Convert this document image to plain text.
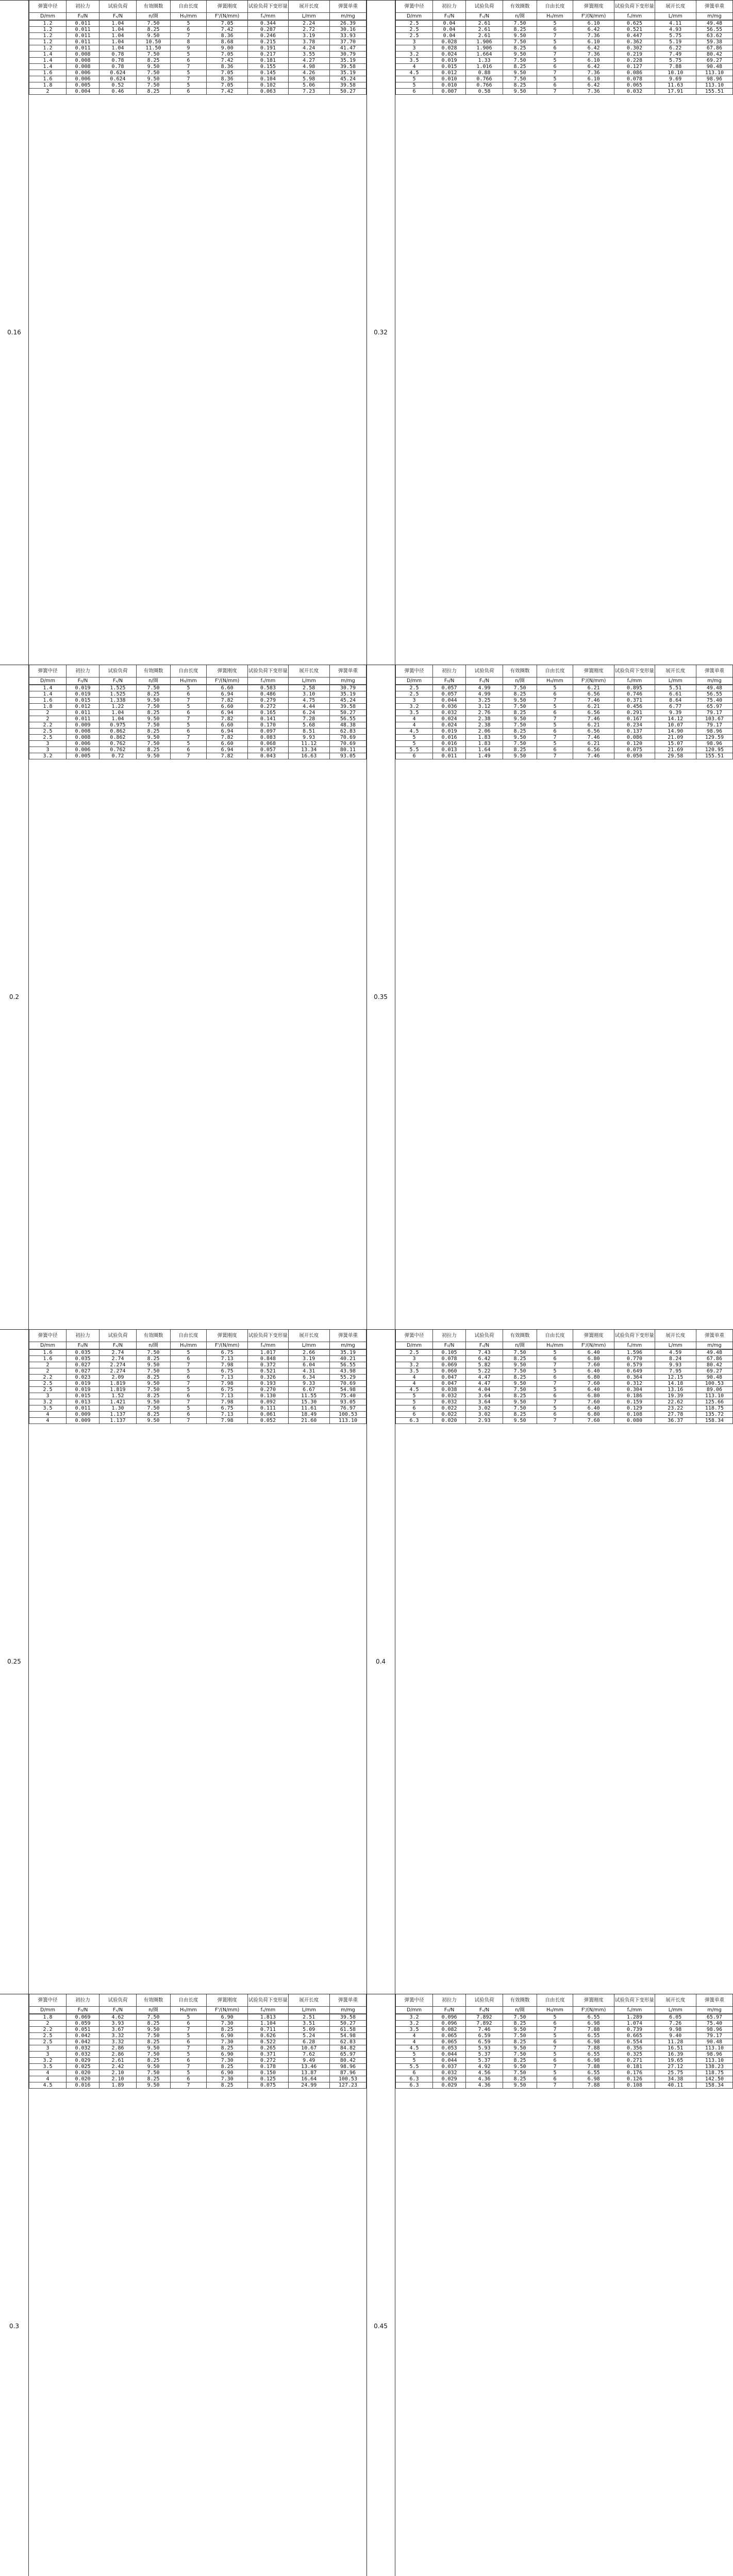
0.16
弹簧中径	初拉力	试验负荷	有效圈数	自由长度	弹簧刚度	试验负荷下变形量	展开长度	弹簧单重
D/mm	F₀/N	Fₛ/N	n/圈	H₀/mm	F'/(N/mm)	fₛ/mm	L/mm	m/mg
1.2	0.011	1.04	7.50	5	7.05	0.344	2.24	26.39
1.2	0.011	1.04	8.25	6	7.42	0.287	2.72	30.16
1.2	0.011	1.04	9.50	7	8.36	0.246	3.19	33.93
1.2	0.011	1.04	10.50	8	8.68	0.215	3.78	37.70
1.2	0.011	1.04	11.50	9	9.00	0.191	4.24	41.47
1.4	0.008	0.78	7.50	5	7.05	0.217	3.55	30.79
1.4	0.008	0.78	8.25	6	7.42	0.181	4.27	35.19
1.4	0.008	0.78	9.50	7	8.36	0.155	4.98	39.58
1.6	0.006	0.624	7.50	5	7.05	0.145	4.26	35.19
1.6	0.006	0.624	9.50	7	8.36	0.104	5.98	45.24
1.8	0.005	0.52	7.50	5	7.05	0.102	5.06	39.58
2	0.004	0.46	8.25	6	7.42	0.063	7.23	50.27
0.32
弹簧中径	初拉力	试验负荷	有效圈数	自由长度	弹簧刚度	试验负荷下变形量	展开长度	弹簧单重
D/mm	F₀/N	Fₛ/N	n/圈	H₀/mm	F'/(N/mm)	fₛ/mm	L/mm	m/mg
2.5	0.04	2.61	7.50	5	6.10	0.625	4.11	49.48
2.5	0.04	2.61	8.25	6	6.42	0.521	4.93	56.55
2.5	0.04	2.61	9.50	7	7.36	0.447	5.75	63.62
3	0.028	1.906	7.50	5	6.10	0.362	5.19	59.38
3	0.028	1.906	8.25	6	6.42	0.302	6.22	67.86
3.2	0.024	1.664	9.50	7	7.36	0.219	7.49	80.42
3.5	0.019	1.33	7.50	5	6.10	0.228	5.75	69.27
4	0.015	1.016	8.25	6	6.42	0.127	7.88	90.48
4.5	0.012	0.88	9.50	7	7.36	0.086	10.10	113.10
5	0.010	0.766	7.50	5	6.10	0.078	9.69	98.96
5	0.010	0.766	8.25	6	6.42	0.065	11.63	113.10
6	0.007	0.58	9.50	7	7.36	0.032	17.91	155.51
0.2
弹簧中径	初拉力	试验负荷	有效圈数	自由长度	弹簧刚度	试验负荷下变形量	展开长度	弹簧单重
D/mm	F₀/N	Fₛ/N	n/圈	H₀/mm	F'/(N/mm)	fₛ/mm	L/mm	m/mg
1.4	0.019	1.525	7.50	5	6.60	0.583	2.58	30.79
1.4	0.019	1.525	8.25	6	6.94	0.486	3.10	35.19
1.6	0.015	1.338	9.50	7	7.82	0.279	4.75	45.24
1.8	0.012	1.22	7.50	5	6.60	0.272	4.44	39.58
2	0.011	1.04	8.25	6	6.94	0.165	6.24	50.27
2	0.011	1.04	9.50	7	7.82	0.141	7.28	56.55
2.2	0.009	0.975	7.50	5	6.60	0.170	5.68	48.38
2.5	0.008	0.862	8.25	6	6.94	0.097	8.51	62.83
2.5	0.008	0.862	9.50	7	7.82	0.083	9.93	70.69
3	0.006	0.762	7.50	5	6.60	0.068	11.12	70.69
3	0.006	0.762	8.25	6	6.94	0.057	13.34	80.11
3.2	0.005	0.72	9.50	7	7.82	0.043	16.63	93.05
0.35
弹簧中径	初拉力	试验负荷	有效圈数	自由长度	弹簧刚度	试验负荷下变形量	展开长度	弹簧单重
D/mm	F₀/N	Fₛ/N	n/圈	H₀/mm	F'/(N/mm)	fₛ/mm	L/mm	m/mg
2.5	0.057	4.99	7.50	5	6.21	0.895	5.51	49.48
2.5	0.057	4.99	8.25	6	6.56	0.746	6.61	56.55
3	0.044	3.25	9.50	7	7.46	0.371	8.64	75.40
3.2	0.036	3.12	7.50	5	6.21	0.456	6.77	65.97
3.5	0.032	2.76	8.25	6	6.56	0.291	9.39	79.17
4	0.024	2.38	9.50	7	7.46	0.167	14.12	103.67
4	0.024	2.38	7.50	5	6.21	0.234	10.07	79.17
4.5	0.019	2.06	8.25	6	6.56	0.137	14.90	98.96
5	0.016	1.83	9.50	7	7.46	0.086	21.09	129.59
5	0.016	1.83	7.50	5	6.21	0.120	15.07	98.96
5.5	0.013	1.64	8.25	6	6.56	0.075	21.69	120.95
6	0.011	1.49	9.50	7	7.46	0.050	29.58	155.51
0.25
弹簧中径	初拉力	试验负荷	有效圈数	自由长度	弹簧刚度	试验负荷下变形量	展开长度	弹簧单重
D/mm	F₀/N	Fₛ/N	n/圈	H₀/mm	F'/(N/mm)	fₛ/mm	L/mm	m/mg
1.6	0.035	2.74	7.50	5	6.75	1.017	2.66	35.19
1.6	0.035	2.74	8.25	6	7.13	0.848	3.19	40.21
2	0.027	2.274	9.50	7	7.98	0.372	6.04	56.55
2	0.027	2.274	7.50	5	6.75	0.521	4.31	43.98
2.2	0.023	2.09	8.25	6	7.13	0.326	6.34	55.29
2.5	0.019	1.819	9.50	7	7.98	0.193	9.33	70.69
2.5	0.019	1.819	7.50	5	6.75	0.270	6.67	54.98
3	0.015	1.52	8.25	6	7.13	0.130	11.55	75.40
3.2	0.013	1.421	9.50	7	7.98	0.092	15.30	93.05
3.5	0.011	1.30	7.50	5	6.75	0.111	11.61	76.97
4	0.009	1.137	8.25	6	7.13	0.061	18.49	100.53
4	0.009	1.137	9.50	7	7.98	0.052	21.60	113.10
0.4
弹簧中径	初拉力	试验负荷	有效圈数	自由长度	弹簧刚度	试验负荷下变形量	展开长度	弹簧单重
D/mm	F₀/N	Fₛ/N	n/圈	H₀/mm	F'/(N/mm)	fₛ/mm	L/mm	m/mg
2.5	0.105	7.43	7.50	5	6.40	1.596	4.59	49.48
3	0.078	6.42	8.25	6	6.80	0.770	8.24	67.86
3.2	0.069	5.82	9.50	7	7.60	0.579	9.93	80.42
3.5	0.060	5.22	7.50	5	6.40	0.649	7.95	69.27
4	0.047	4.47	8.25	6	6.80	0.364	12.15	90.48
4	0.047	4.47	9.50	7	7.60	0.312	14.18	100.53
4.5	0.038	4.04	7.50	5	6.40	0.304	13.16	89.06
5	0.032	3.64	8.25	6	6.80	0.186	19.39	113.10
5	0.032	3.64	9.50	7	7.60	0.159	22.62	125.66
6	0.022	3.02	7.50	5	6.40	0.129	23.22	118.75
6	0.022	3.02	8.25	6	6.80	0.108	27.78	135.72
6.3	0.020	2.93	9.50	7	7.60	0.080	36.37	158.34
0.3
弹簧中径	初拉力	试验负荷	有效圈数	自由长度	弹簧刚度	试验负荷下变形量	展开长度	弹簧单重
D/mm	F₀/N	Fₛ/N	n/圈	H₀/mm	F'/(N/mm)	fₛ/mm	L/mm	m/mg
1.8	0.069	4.62	7.50	5	6.90	1.813	2.51	39.58
2	0.059	3.93	8.25	6	7.30	1.104	3.51	50.27
2.2	0.051	3.67	9.50	7	8.25	0.711	5.09	61.58
2.5	0.042	3.32	7.50	5	6.90	0.626	5.24	54.98
2.5	0.042	3.32	8.25	6	7.30	0.522	6.28	62.83
3	0.032	2.86	9.50	7	8.25	0.265	10.67	84.82
3	0.032	2.86	7.50	5	6.90	0.371	7.62	65.97
3.2	0.029	2.61	8.25	6	7.30	0.272	9.49	80.42
3.5	0.025	2.42	9.50	7	8.25	0.178	13.46	98.96
4	0.020	2.10	7.50	5	6.90	0.150	13.87	87.96
4	0.020	2.10	8.25	6	7.30	0.125	16.64	100.53
4.5	0.016	1.89	9.50	7	8.25	0.075	24.99	127.23
0.45
弹簧中径	初拉力	试验负荷	有效圈数	自由长度	弹簧刚度	试验负荷下变形量	展开长度	弹簧单重
D/mm	F₀/N	Fₛ/N	n/圈	H₀/mm	F'/(N/mm)	fₛ/mm	L/mm	m/mg
3.2	0.096	7.892	7.50	5	6.55	1.289	6.05	65.97
3.2	0.096	7.892	8.25	6	6.98	1.074	7.26	75.40
3.5	0.082	7.46	9.50	7	7.88	0.739	9.98	98.96
4	0.065	6.59	7.50	5	6.55	0.665	9.40	79.17
4	0.065	6.59	8.25	6	6.98	0.554	11.28	90.48
4.5	0.053	5.93	9.50	7	7.88	0.356	16.51	113.10
5	0.044	5.37	7.50	5	6.55	0.325	16.39	98.96
5	0.044	5.37	8.25	6	6.98	0.271	19.65	113.10
5.5	0.037	4.92	9.50	7	7.88	0.181	27.12	138.23
6	0.032	4.56	7.50	5	6.55	0.176	25.75	118.75
6.3	0.029	4.36	8.25	6	6.98	0.126	34.38	142.50
6.3	0.029	4.36	9.50	7	7.88	0.108	40.11	158.34
